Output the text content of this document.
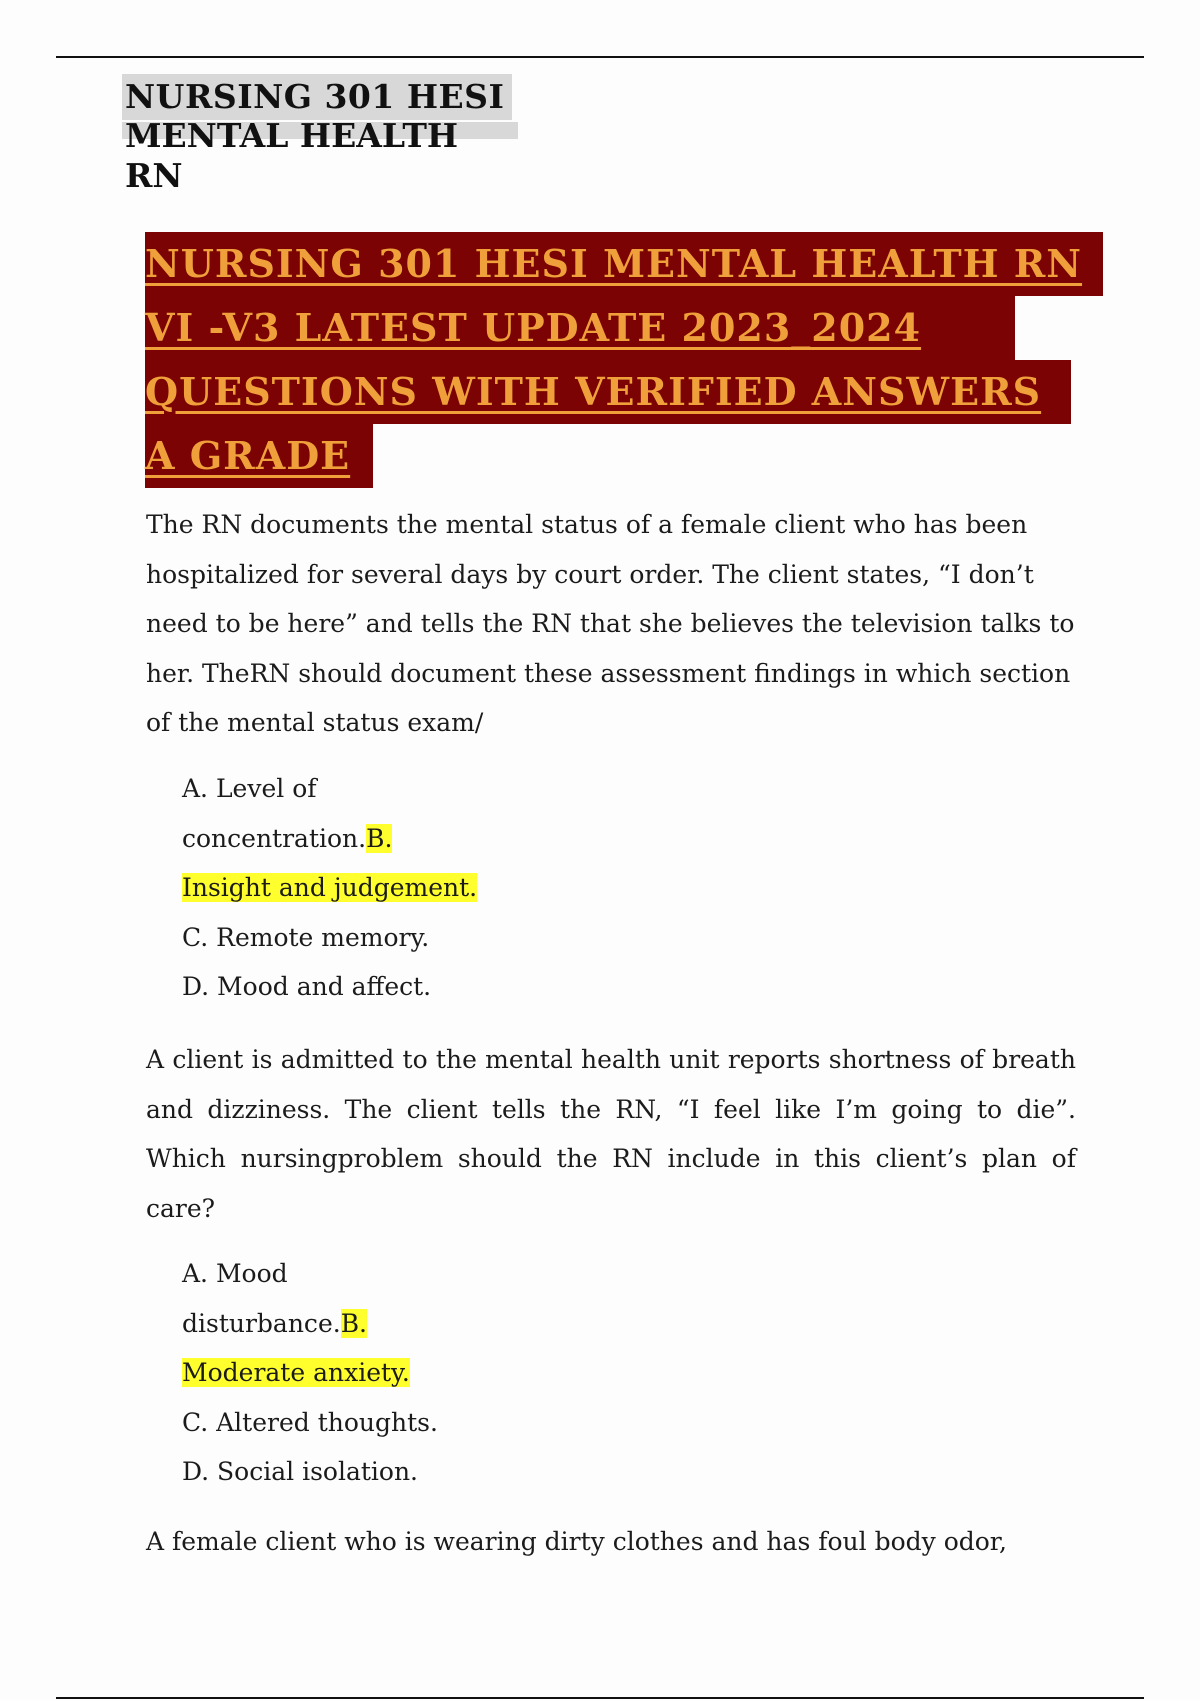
NURSING 301 HESI
MENTAL HEALTH RN
NURSING 301 HESI MENTAL HEALTH RN
VI -V3 LATEST UPDATE 2023_2024
QUESTIONS WITH VERIFIED ANSWERS
A GRADE

The RN documents the mental status of a female client who has been hospitalized for several days by court order. The client states, “I don’t need to be here” and tells the RN that she believes the television talks to her. TheRN should document these assessment findings in which section of the mental status exam/

A. Level of
concentration.B.
Insight and judgement.
C. Remote memory.
D. Mood and affect.

A client is admitted to the mental health unit reports shortness of breath and dizziness. The client tells the RN, “I feel like I’m going to die”. Which nursingproblem should the RN include in this client’s plan of care?

A. Mood
disturbance.B.
Moderate anxiety.
C. Altered thoughts.
D. Social isolation.

A female client who is wearing dirty clothes and has foul body odor,
